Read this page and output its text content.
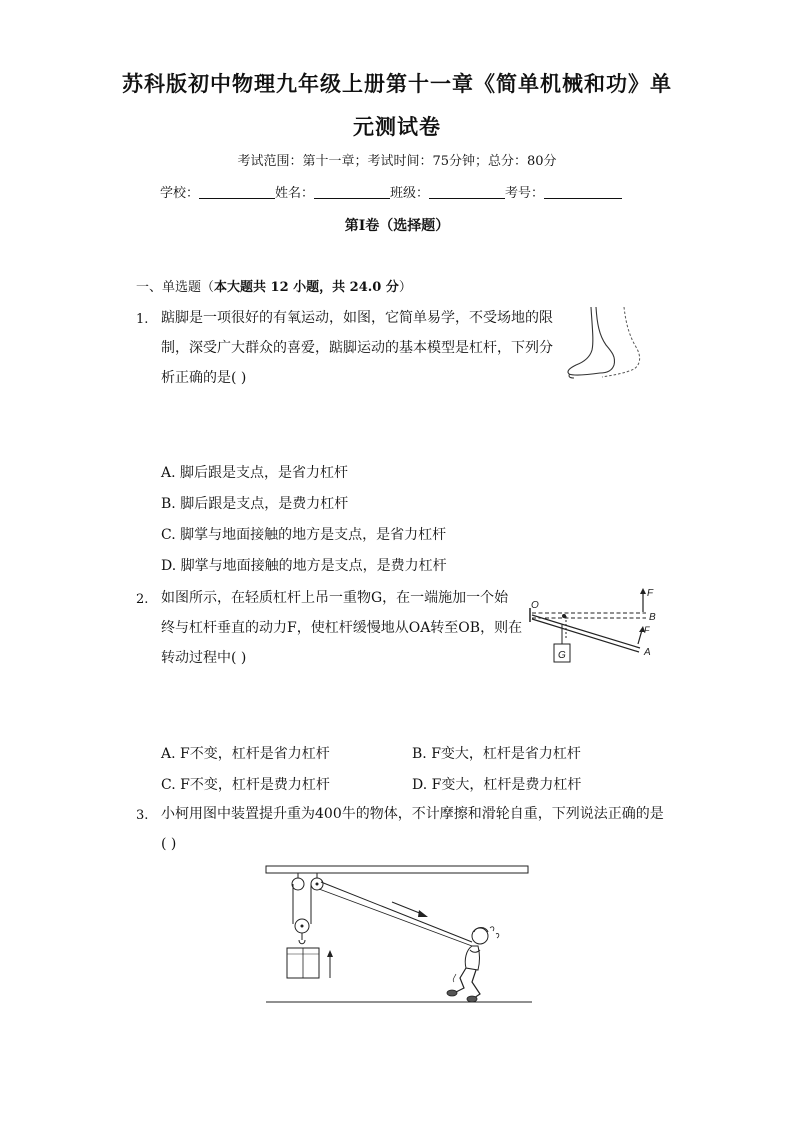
苏科版初中物理九年级上册第十一章《简单机械和功》单
元测试卷
考试范围：第十一章；考试时间：75分钟；总分：80分
学校：	姓名：	班级：	考号：
第I卷（选择题）
一、单选题（本大题共 12 小题，共 24.0 分）
1. 踮脚是一项很好的有氧运动，如图，它简单易学，不受场地的限
制，深受广大群众的喜爱，踮脚运动的基本模型是杠杆，下列分
析正确的是( )
A. 脚后跟是支点，是省力杠杆
B. 脚后跟是支点，是费力杠杆
C. 脚掌与地面接触的地方是支点，是省力杠杆
D. 脚掌与地面接触的地方是支点，是费力杠杆
2. 如图所示，在轻质杠杆上吊一重物G，在一端施加一个始
终与杠杆垂直的动力F，使杠杆缓慢地从OA转至OB，则在
转动过程中( )
O
F
B
F
A
G
A. F不变，杠杆是省力杠杆	B. F变大，杠杆是省力杠杆
C. F不变，杠杆是费力杠杆	D. F变大，杠杆是费力杠杆
3. 小柯用图中装置提升重为400牛的物体，不计摩擦和滑轮自重，下列说法正确的是
( )
